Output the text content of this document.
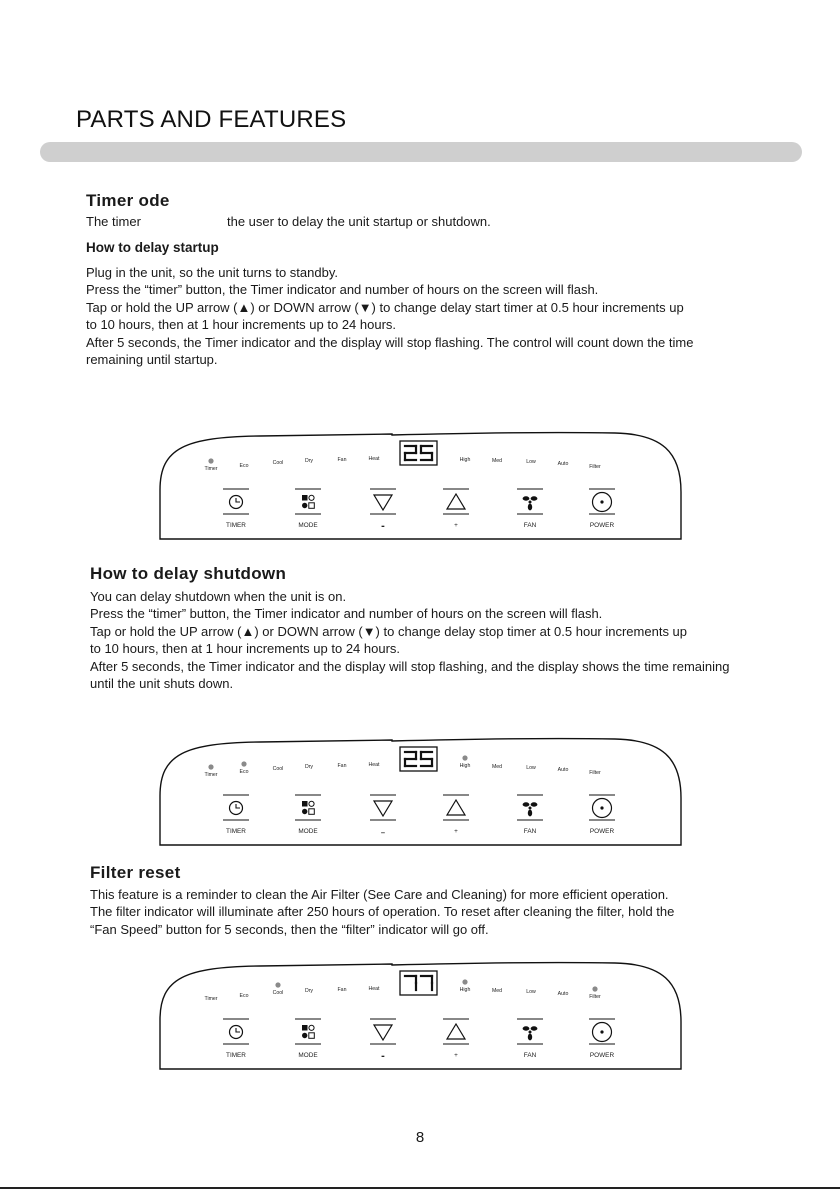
PARTS AND FEATURES
Timer ode
The timer	the user to delay the unit startup or shutdown.
How to delay startup
Plug in the unit, so the unit turns to standby.
Press the “timer” button, the Timer indicator and number of hours on the screen will flash.
Tap or hold the UP arrow (▲) or DOWN arrow (▼) to change delay start timer at 0.5 hour increments up
to 10 hours, then at 1 hour increments up to 24 hours.
After 5 seconds, the Timer indicator and the display will stop flashing. The control will count down the time
remaining until startup.
How to delay shutdown
You can delay shutdown when the unit is on.
Press the “timer” button, the Timer indicator and number of hours on the screen will flash.
Tap or hold the UP arrow (▲) or DOWN arrow (▼) to change delay stop timer at 0.5 hour increments up
to 10 hours, then at 1 hour increments up to 24 hours.
After 5 seconds, the Timer indicator and the display will stop flashing, and the display shows the time remaining
until the unit shuts down.
Filter reset
This feature is a reminder to clean the Air Filter (See Care and Cleaning) for more efficient operation.
The filter indicator will illuminate after 250 hours of operation. To reset after cleaning the filter, hold the
“Fan Speed” button for 5 seconds, then the “filter” indicator will go off.
Timer	Eco	Cool	Dry	Fan	Heat	High	Med	Low	Auto	Filter
TIMER	MODE	-	+	FAN	POWER
Timer	Eco	Cool	Dry	Fan	Heat	High	Med	Low	Auto	Filter
TIMER	MODE	–	+	FAN	POWER
Timer	Eco	Cool	Dry	Fan	Heat	High	Med	Low	Auto	Filter
TIMER	MODE	-	+	FAN	POWER
8
